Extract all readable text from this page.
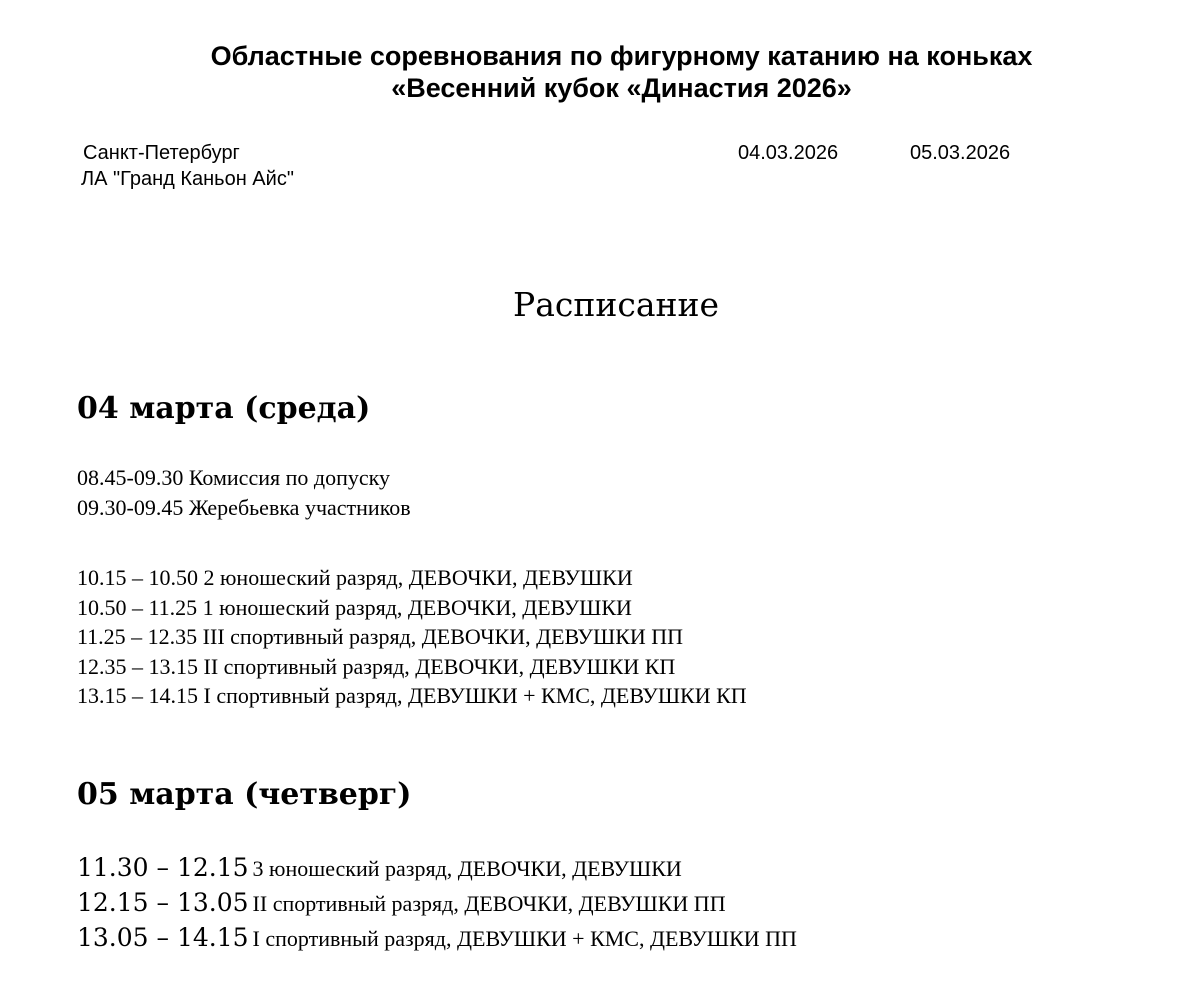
Областные соревнования по фигурному катанию на коньках
«Весенний кубок «Династия 2026»
Санкт-Петербург
ЛА "Гранд Каньон Айс"
04.03.2026	05.03.2026
Расписание
04 марта (среда)
08.45-09.30 Комиссия по допуску
09.30-09.45 Жеребьевка участников
10.15 – 10.50 2 юношеский разряд, ДЕВОЧКИ, ДЕВУШКИ
10.50 – 11.25 1 юношеский разряд, ДЕВОЧКИ, ДЕВУШКИ
11.25 – 12.35 III спортивный разряд, ДЕВОЧКИ, ДЕВУШКИ ПП
12.35 – 13.15 II спортивный разряд, ДЕВОЧКИ, ДЕВУШКИ КП
13.15 – 14.15 I спортивный разряд, ДЕВУШКИ + КМС, ДЕВУШКИ КП
05 марта (четверг)
11.30 – 12.15 3 юношеский разряд, ДЕВОЧКИ, ДЕВУШКИ
12.15 – 13.05 II спортивный разряд, ДЕВОЧКИ, ДЕВУШКИ ПП
13.05 – 14.15 I спортивный разряд, ДЕВУШКИ + КМС, ДЕВУШКИ ПП
